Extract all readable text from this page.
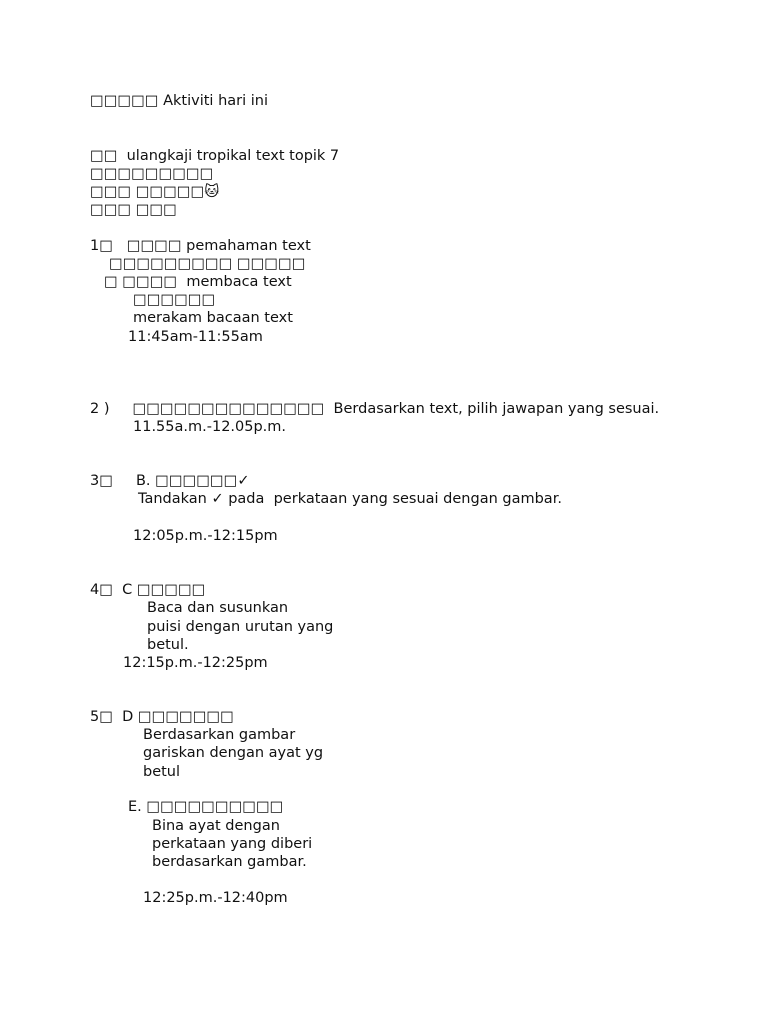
□□□□□ Aktiviti hari ini

□□  ulangkaji tropikal text topik 7

□□□□□□□□□

□□□ □□□□□🐱

□□□ □□□

1□   □□□□ pemahaman text

□□□□□□□□□ □□□□□

□ □□□□  membaca text

□□□□□□

merakam bacaan text

11:45am-11:55am

2 )     □□□□□□□□□□□□□□  Berdasarkan text, pilih jawapan yang sesuai.

11.55a.m.-12.05p.m.

3□     B. □□□□□□✓

Tandakan ✓ pada  perkataan yang sesuai dengan gambar.

12:05p.m.-12:15pm

4□  C □□□□□

Baca dan susunkan

puisi dengan urutan yang

betul.

12:15p.m.-12:25pm

5□  D □□□□□□□

Berdasarkan gambar

gariskan dengan ayat yg

betul

E. □□□□□□□□□□

Bina ayat dengan

perkataan yang diberi

berdasarkan gambar.

12:25p.m.-12:40pm
